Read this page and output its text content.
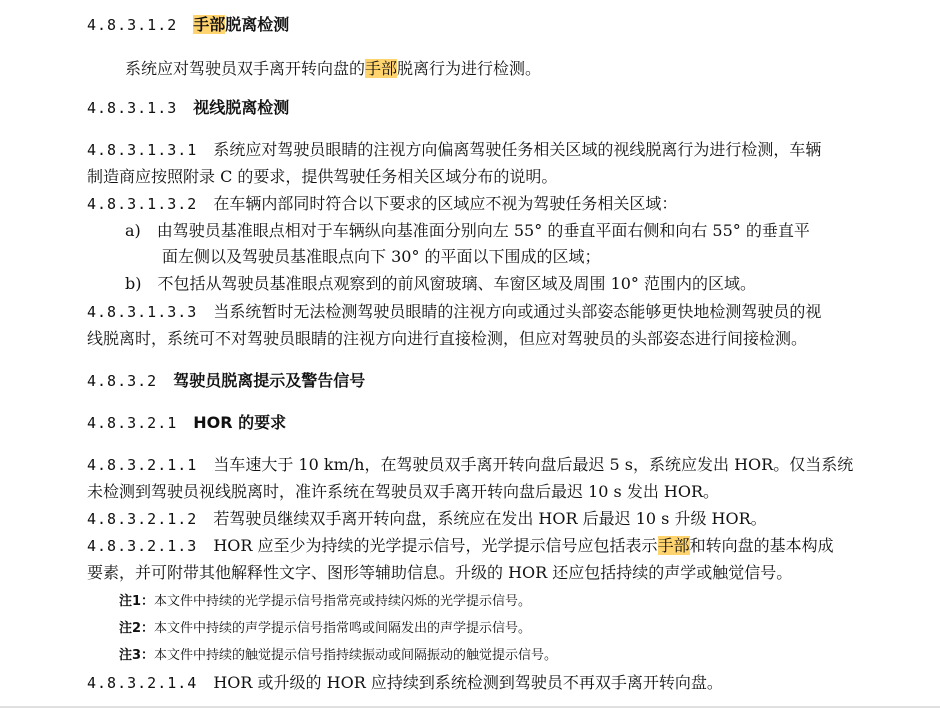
4.8.3.1.2 手部脱离检测
系统应对驾驶员双手离开转向盘的手部脱离行为进行检测。
4.8.3.1.3 视线脱离检测
4.8.3.1.3.1 系统应对驾驶员眼睛的注视方向偏离驾驶任务相关区域的视线脱离行为进行检测，车辆
制造商应按照附录 C 的要求，提供驾驶任务相关区域分布的说明。
4.8.3.1.3.2 在车辆内部同时符合以下要求的区域应不视为驾驶任务相关区域：
a) 由驾驶员基准眼点相对于车辆纵向基准面分别向左 55° 的垂直平面右侧和向右 55° 的垂直平
面左侧以及驾驶员基准眼点向下 30° 的平面以下围成的区域；
b) 不包括从驾驶员基准眼点观察到的前风窗玻璃、车窗区域及周围 10° 范围内的区域。
4.8.3.1.3.3 当系统暂时无法检测驾驶员眼睛的注视方向或通过头部姿态能够更快地检测驾驶员的视
线脱离时，系统可不对驾驶员眼睛的注视方向进行直接检测，但应对驾驶员的头部姿态进行间接检测。
4.8.3.2 驾驶员脱离提示及警告信号
4.8.3.2.1 HOR 的要求
4.8.3.2.1.1 当车速大于 10 km/h，在驾驶员双手离开转向盘后最迟 5 s，系统应发出 HOR。仅当系统
未检测到驾驶员视线脱离时，准许系统在驾驶员双手离开转向盘后最迟 10 s 发出 HOR。
4.8.3.2.1.2 若驾驶员继续双手离开转向盘，系统应在发出 HOR 后最迟 10 s 升级 HOR。
4.8.3.2.1.3 HOR 应至少为持续的光学提示信号，光学提示信号应包括表示手部和转向盘的基本构成
要素，并可附带其他解释性文字、图形等辅助信息。升级的 HOR 还应包括持续的声学或触觉信号。
注1：本文件中持续的光学提示信号指常亮或持续闪烁的光学提示信号。
注2：本文件中持续的声学提示信号指常鸣或间隔发出的声学提示信号。
注3：本文件中持续的触觉提示信号指持续振动或间隔振动的触觉提示信号。
4.8.3.2.1.4 HOR 或升级的 HOR 应持续到系统检测到驾驶员不再双手离开转向盘。
